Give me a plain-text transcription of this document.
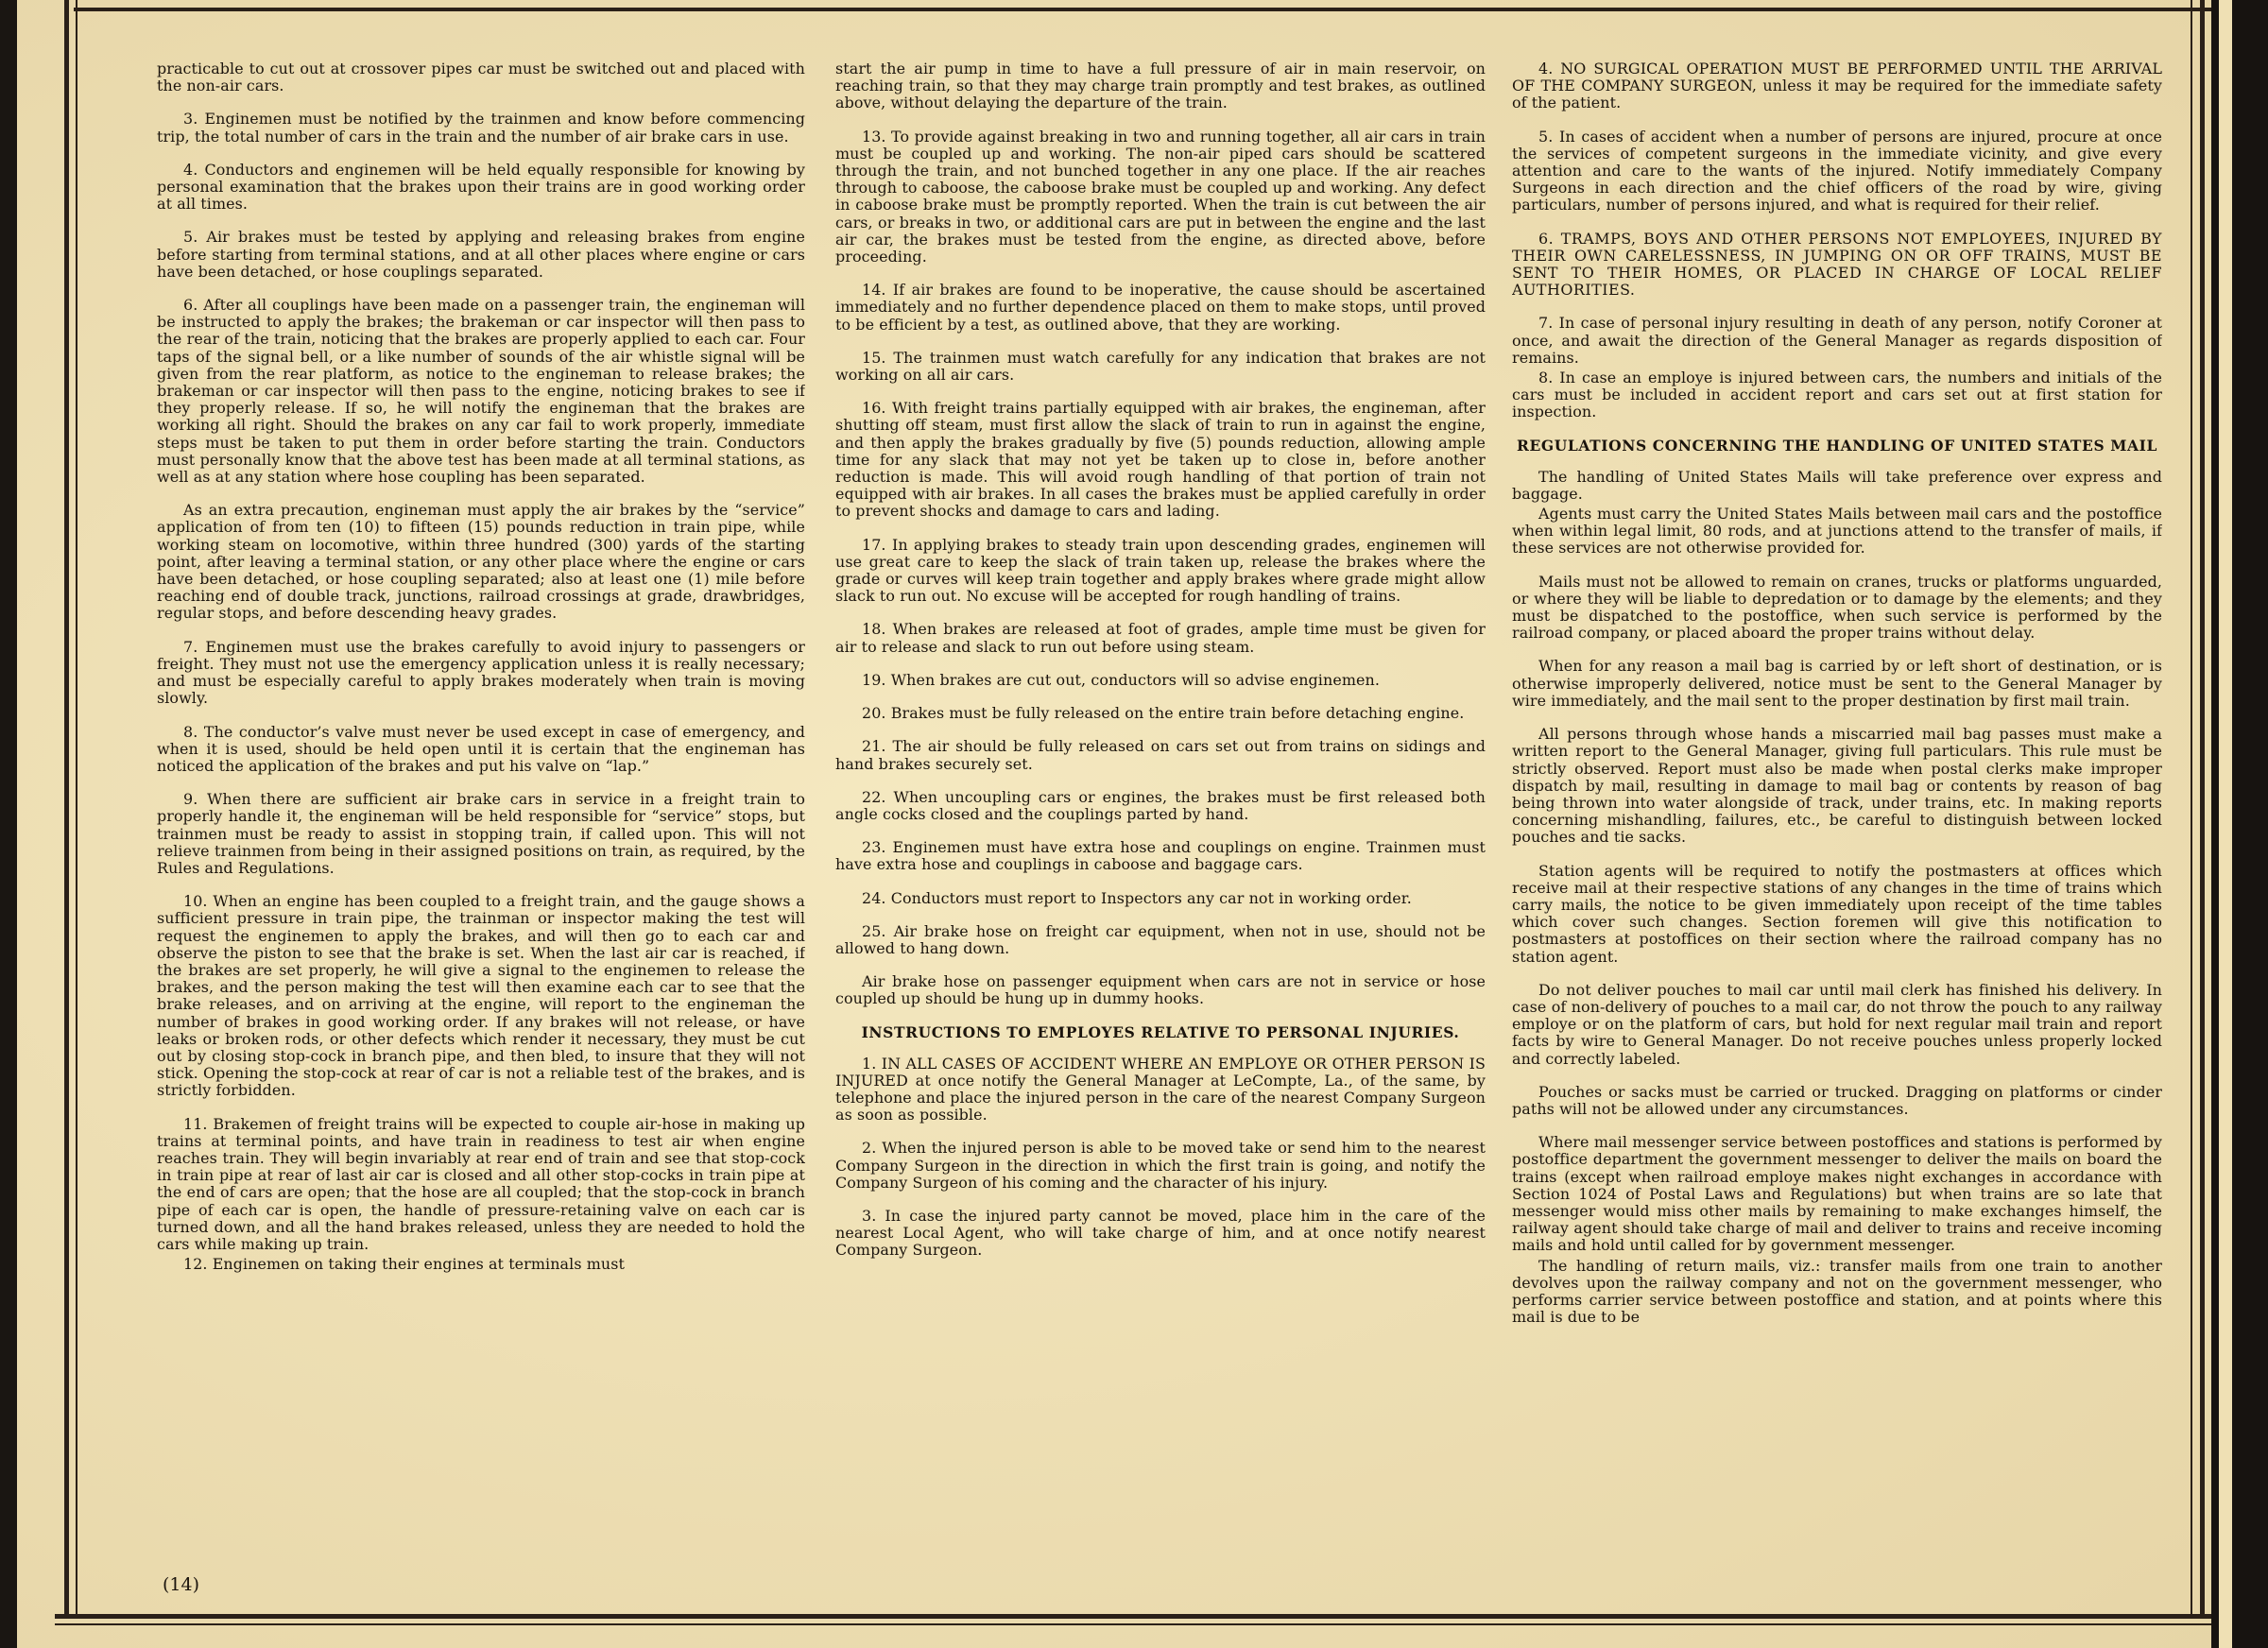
practicable to cut out at crossover pipes car must be switched out and placed with the non-air cars.

3. Enginemen must be notified by the trainmen and know before commencing trip, the total number of cars in the train and the number of air brake cars in use.

4. Conductors and enginemen will be held equally responsible for knowing by personal examination that the brakes upon their trains are in good working order at all times.

5. Air brakes must be tested by applying and releasing brakes from engine before starting from terminal stations, and at all other places where engine or cars have been detached, or hose couplings separated.

6. After all couplings have been made on a passenger train, the engineman will be instructed to apply the brakes; the brakeman or car inspector will then pass to the rear of the train, noticing that the brakes are properly applied to each car. Four taps of the signal bell, or a like number of sounds of the air whistle signal will be given from the rear platform, as notice to the engineman to release brakes; the brakeman or car inspector will then pass to the engine, noticing brakes to see if they properly release. If so, he will notify the engineman that the brakes are working all right. Should the brakes on any car fail to work properly, immediate steps must be taken to put them in order before starting the train. Conductors must personally know that the above test has been made at all terminal stations, as well as at any station where hose coupling has been separated.

As an extra precaution, engineman must apply the air brakes by the “service” application of from ten (10) to fifteen (15) pounds reduction in train pipe, while working steam on locomotive, within three hundred (300) yards of the starting point, after leaving a terminal station, or any other place where the engine or cars have been detached, or hose coupling separated; also at least one (1) mile before reaching end of double track, junctions, railroad crossings at grade, drawbridges, regular stops, and before descending heavy grades.

7. Enginemen must use the brakes carefully to avoid injury to passengers or freight. They must not use the emergency application unless it is really necessary; and must be especially careful to apply brakes moderately when train is moving slowly.

8. The conductor’s valve must never be used except in case of emergency, and when it is used, should be held open until it is certain that the engineman has noticed the application of the brakes and put his valve on “lap.”

9. When there are sufficient air brake cars in service in a freight train to properly handle it, the engineman will be held responsible for “service” stops, but trainmen must be ready to assist in stopping train, if called upon. This will not relieve trainmen from being in their assigned positions on train, as required, by the Rules and Regulations.

10. When an engine has been coupled to a freight train, and the gauge shows a sufficient pressure in train pipe, the trainman or inspector making the test will request the enginemen to apply the brakes, and will then go to each car and observe the piston to see that the brake is set. When the last air car is reached, if the brakes are set properly, he will give a signal to the enginemen to release the brakes, and the person making the test will then examine each car to see that the brake releases, and on arriving at the engine, will report to the engineman the number of brakes in good working order. If any brakes will not release, or have leaks or broken rods, or other defects which render it necessary, they must be cut out by closing stop-cock in branch pipe, and then bled, to insure that they will not stick. Opening the stop-cock at rear of car is not a reliable test of the brakes, and is strictly forbidden.

11. Brakemen of freight trains will be expected to couple air-hose in making up trains at terminal points, and have train in readiness to test air when engine reaches train. They will begin invariably at rear end of train and see that stop-cock in train pipe at rear of last air car is closed and all other stop-cocks in train pipe at the end of cars are open; that the hose are all coupled; that the stop-cock in branch pipe of each car is open, the handle of pressure-retaining valve on each car is turned down, and all the hand brakes released, unless they are needed to hold the cars while making up train.

12. Enginemen on taking their engines at terminals must

start the air pump in time to have a full pressure of air in main reservoir, on reaching train, so that they may charge train promptly and test brakes, as outlined above, without delaying the departure of the train.

13. To provide against breaking in two and running together, all air cars in train must be coupled up and working. The non-air piped cars should be scattered through the train, and not bunched together in any one place. If the air reaches through to caboose, the caboose brake must be coupled up and working. Any defect in caboose brake must be promptly reported. When the train is cut between the air cars, or breaks in two, or additional cars are put in between the engine and the last air car, the brakes must be tested from the engine, as directed above, before proceeding.

14. If air brakes are found to be inoperative, the cause should be ascertained immediately and no further dependence placed on them to make stops, until proved to be efficient by a test, as outlined above, that they are working.

15. The trainmen must watch carefully for any indication that brakes are not working on all air cars.

16. With freight trains partially equipped with air brakes, the engineman, after shutting off steam, must first allow the slack of train to run in against the engine, and then apply the brakes gradually by five (5) pounds reduction, allowing ample time for any slack that may not yet be taken up to close in, before another reduction is made. This will avoid rough handling of that portion of train not equipped with air brakes. In all cases the brakes must be applied carefully in order to prevent shocks and damage to cars and lading.

17. In applying brakes to steady train upon descending grades, enginemen will use great care to keep the slack of train taken up, release the brakes where the grade or curves will keep train together and apply brakes where grade might allow slack to run out. No excuse will be accepted for rough handling of trains.

18. When brakes are released at foot of grades, ample time must be given for air to release and slack to run out before using steam.

19. When brakes are cut out, conductors will so advise enginemen.

20. Brakes must be fully released on the entire train before detaching engine.

21. The air should be fully released on cars set out from trains on sidings and hand brakes securely set.

22. When uncoupling cars or engines, the brakes must be first released both angle cocks closed and the couplings parted by hand.

23. Enginemen must have extra hose and couplings on engine. Trainmen must have extra hose and couplings in caboose and baggage cars.

24. Conductors must report to Inspectors any car not in working order.

25. Air brake hose on freight car equipment, when not in use, should not be allowed to hang down.

Air brake hose on passenger equipment when cars are not in service or hose coupled up should be hung up in dummy hooks.

INSTRUCTIONS TO EMPLOYES RELATIVE TO PERSONAL INJURIES.

1. IN ALL CASES OF ACCIDENT WHERE AN EMPLOYE OR OTHER PERSON IS INJURED at once notify the General Manager at LeCompte, La., of the same, by telephone and place the injured person in the care of the nearest Company Surgeon as soon as possible.

2. When the injured person is able to be moved take or send him to the nearest Company Surgeon in the direction in which the first train is going, and notify the Company Surgeon of his coming and the character of his injury.

3. In case the injured party cannot be moved, place him in the care of the nearest Local Agent, who will take charge of him, and at once notify nearest Company Surgeon.

4. NO SURGICAL OPERATION MUST BE PERFORMED UNTIL THE ARRIVAL OF THE COMPANY SURGEON, unless it may be required for the immediate safety of the patient.

5. In cases of accident when a number of persons are injured, procure at once the services of competent surgeons in the immediate vicinity, and give every attention and care to the wants of the injured. Notify immediately Company Surgeons in each direction and the chief officers of the road by wire, giving particulars, number of persons injured, and what is required for their relief.

6. TRAMPS, BOYS AND OTHER PERSONS NOT EMPLOYEES, INJURED BY THEIR OWN CARELESSNESS, IN JUMPING ON OR OFF TRAINS, MUST BE SENT TO THEIR HOMES, OR PLACED IN CHARGE OF LOCAL RELIEF AUTHORITIES.

7. In case of personal injury resulting in death of any person, notify Coroner at once, and await the direction of the General Manager as regards disposition of remains.

8. In case an employe is injured between cars, the numbers and initials of the cars must be included in accident report and cars set out at first station for inspection.

REGULATIONS CONCERNING THE HANDLING OF UNITED STATES MAIL

The handling of United States Mails will take preference over express and baggage.

Agents must carry the United States Mails between mail cars and the postoffice when within legal limit, 80 rods, and at junctions attend to the transfer of mails, if these services are not otherwise provided for.

Mails must not be allowed to remain on cranes, trucks or platforms unguarded, or where they will be liable to depredation or to damage by the elements; and they must be dispatched to the postoffice, when such service is performed by the railroad company, or placed aboard the proper trains without delay.

When for any reason a mail bag is carried by or left short of destination, or is otherwise improperly delivered, notice must be sent to the General Manager by wire immediately, and the mail sent to the proper destination by first mail train.

All persons through whose hands a miscarried mail bag passes must make a written report to the General Manager, giving full particulars. This rule must be strictly observed. Report must also be made when postal clerks make improper dispatch by mail, resulting in damage to mail bag or contents by reason of bag being thrown into water alongside of track, under trains, etc. In making reports concerning mishandling, failures, etc., be careful to distinguish between locked pouches and tie sacks.

Station agents will be required to notify the postmasters at offices which receive mail at their respective stations of any changes in the time of trains which carry mails, the notice to be given immediately upon receipt of the time tables which cover such changes. Section foremen will give this notification to postmasters at postoffices on their section where the railroad company has no station agent.

Do not deliver pouches to mail car until mail clerk has finished his delivery. In case of non-delivery of pouches to a mail car, do not throw the pouch to any railway employe or on the platform of cars, but hold for next regular mail train and report facts by wire to General Manager. Do not receive pouches unless properly locked and correctly labeled.

Pouches or sacks must be carried or trucked. Dragging on platforms or cinder paths will not be allowed under any circumstances.

Where mail messenger service between postoffices and stations is performed by postoffice department the government messenger to deliver the mails on board the trains (except when railroad employe makes night exchanges in accordance with Section 1024 of Postal Laws and Regulations) but when trains are so late that messenger would miss other mails by remaining to make exchanges himself, the railway agent should take charge of mail and deliver to trains and receive incoming mails and hold until called for by government messenger.

The handling of return mails, viz.: transfer mails from one train to another devolves upon the railway company and not on the government messenger, who performs carrier service between postoffice and station, and at points where this mail is due to be

(14)
